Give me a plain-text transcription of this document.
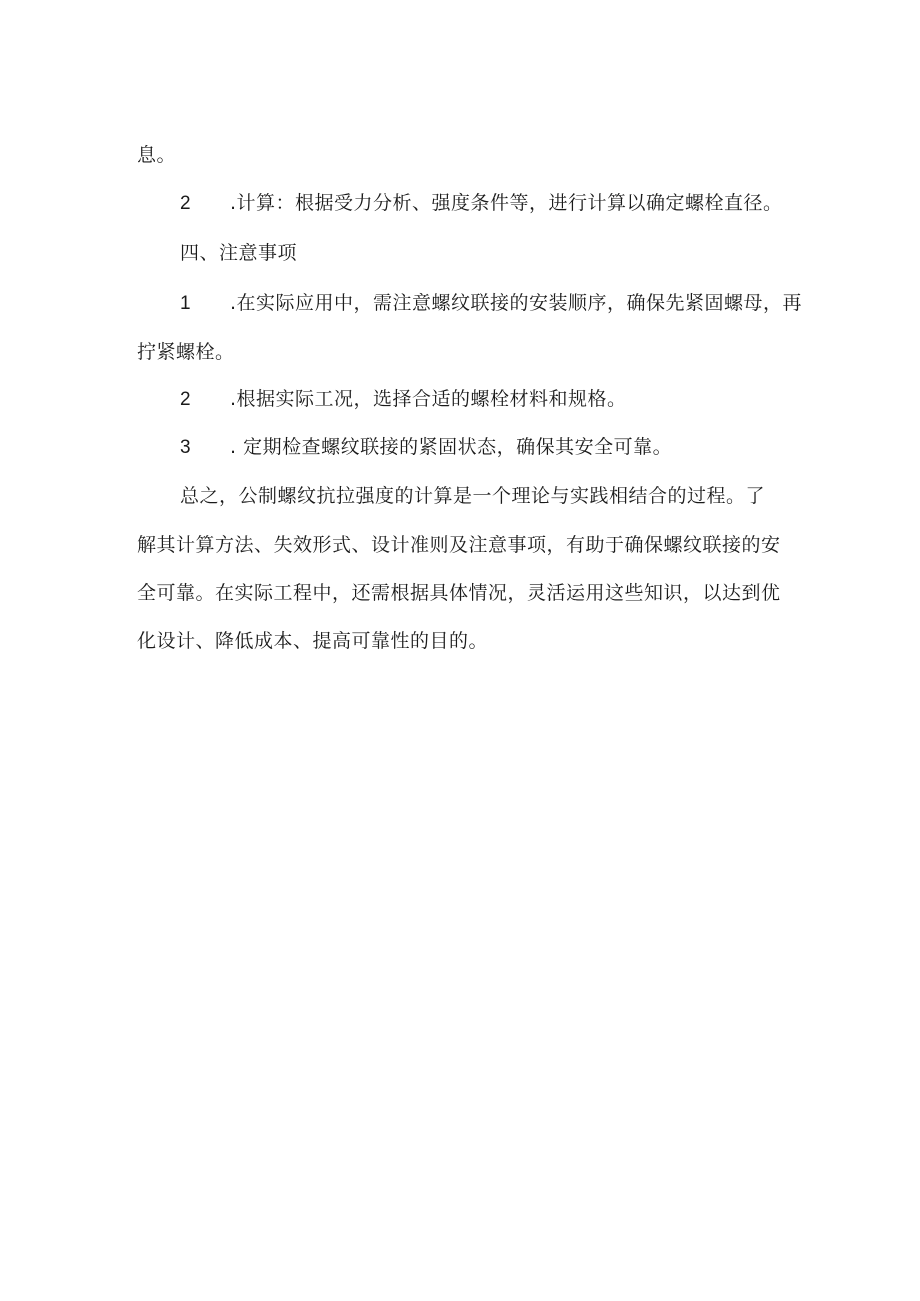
息。
2 .计算：根据受力分析、强度条件等，进行计算以确定螺栓直径。
四、注意事项
1 .在实际应用中，需注意螺纹联接的安装顺序，确保先紧固螺母，再
拧紧螺栓。
2 .根据实际工况，选择合适的螺栓材料和规格。
3 . 定期检查螺纹联接的紧固状态，确保其安全可靠。
总之，公制螺纹抗拉强度的计算是一个理论与实践相结合的过程。了
解其计算方法、失效形式、设计准则及注意事项，有助于确保螺纹联接的安
全可靠。在实际工程中，还需根据具体情况，灵活运用这些知识，以达到优
化设计、降低成本、提高可靠性的目的。
